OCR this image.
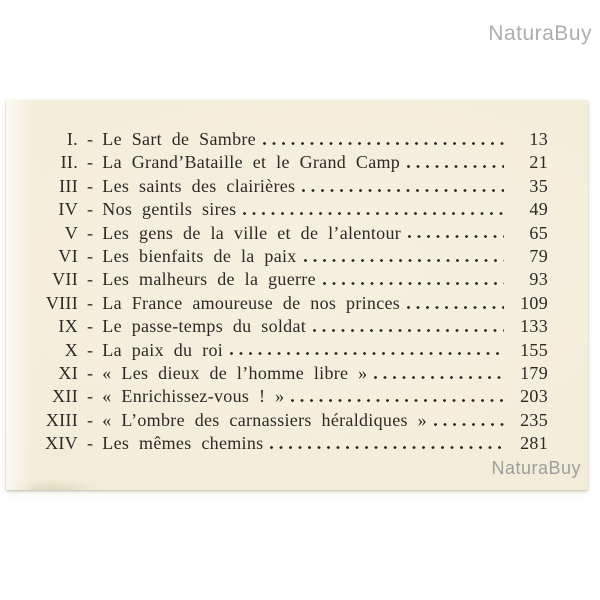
NaturaBuy
I. - Le Sart de Sambre	13
II. - La Grand’Bataille et le Grand Camp	21
III - Les saints des clairières	35
IV - Nos gentils sires	49
V - Les gens de la ville et de l’alentour	65
VI - Les bienfaits de la paix	79
VII - Les malheurs de la guerre	93
VIII - La France amoureuse de nos princes	109
IX - Le passe-temps du soldat	133
X - La paix du roi	155
XI - « Les dieux de l’homme libre »	179
XII - « Enrichissez-vous ! »	203
XIII - « L’ombre des carnassiers héraldiques »	235
XIV - Les mêmes chemins	281
NaturaBuy
